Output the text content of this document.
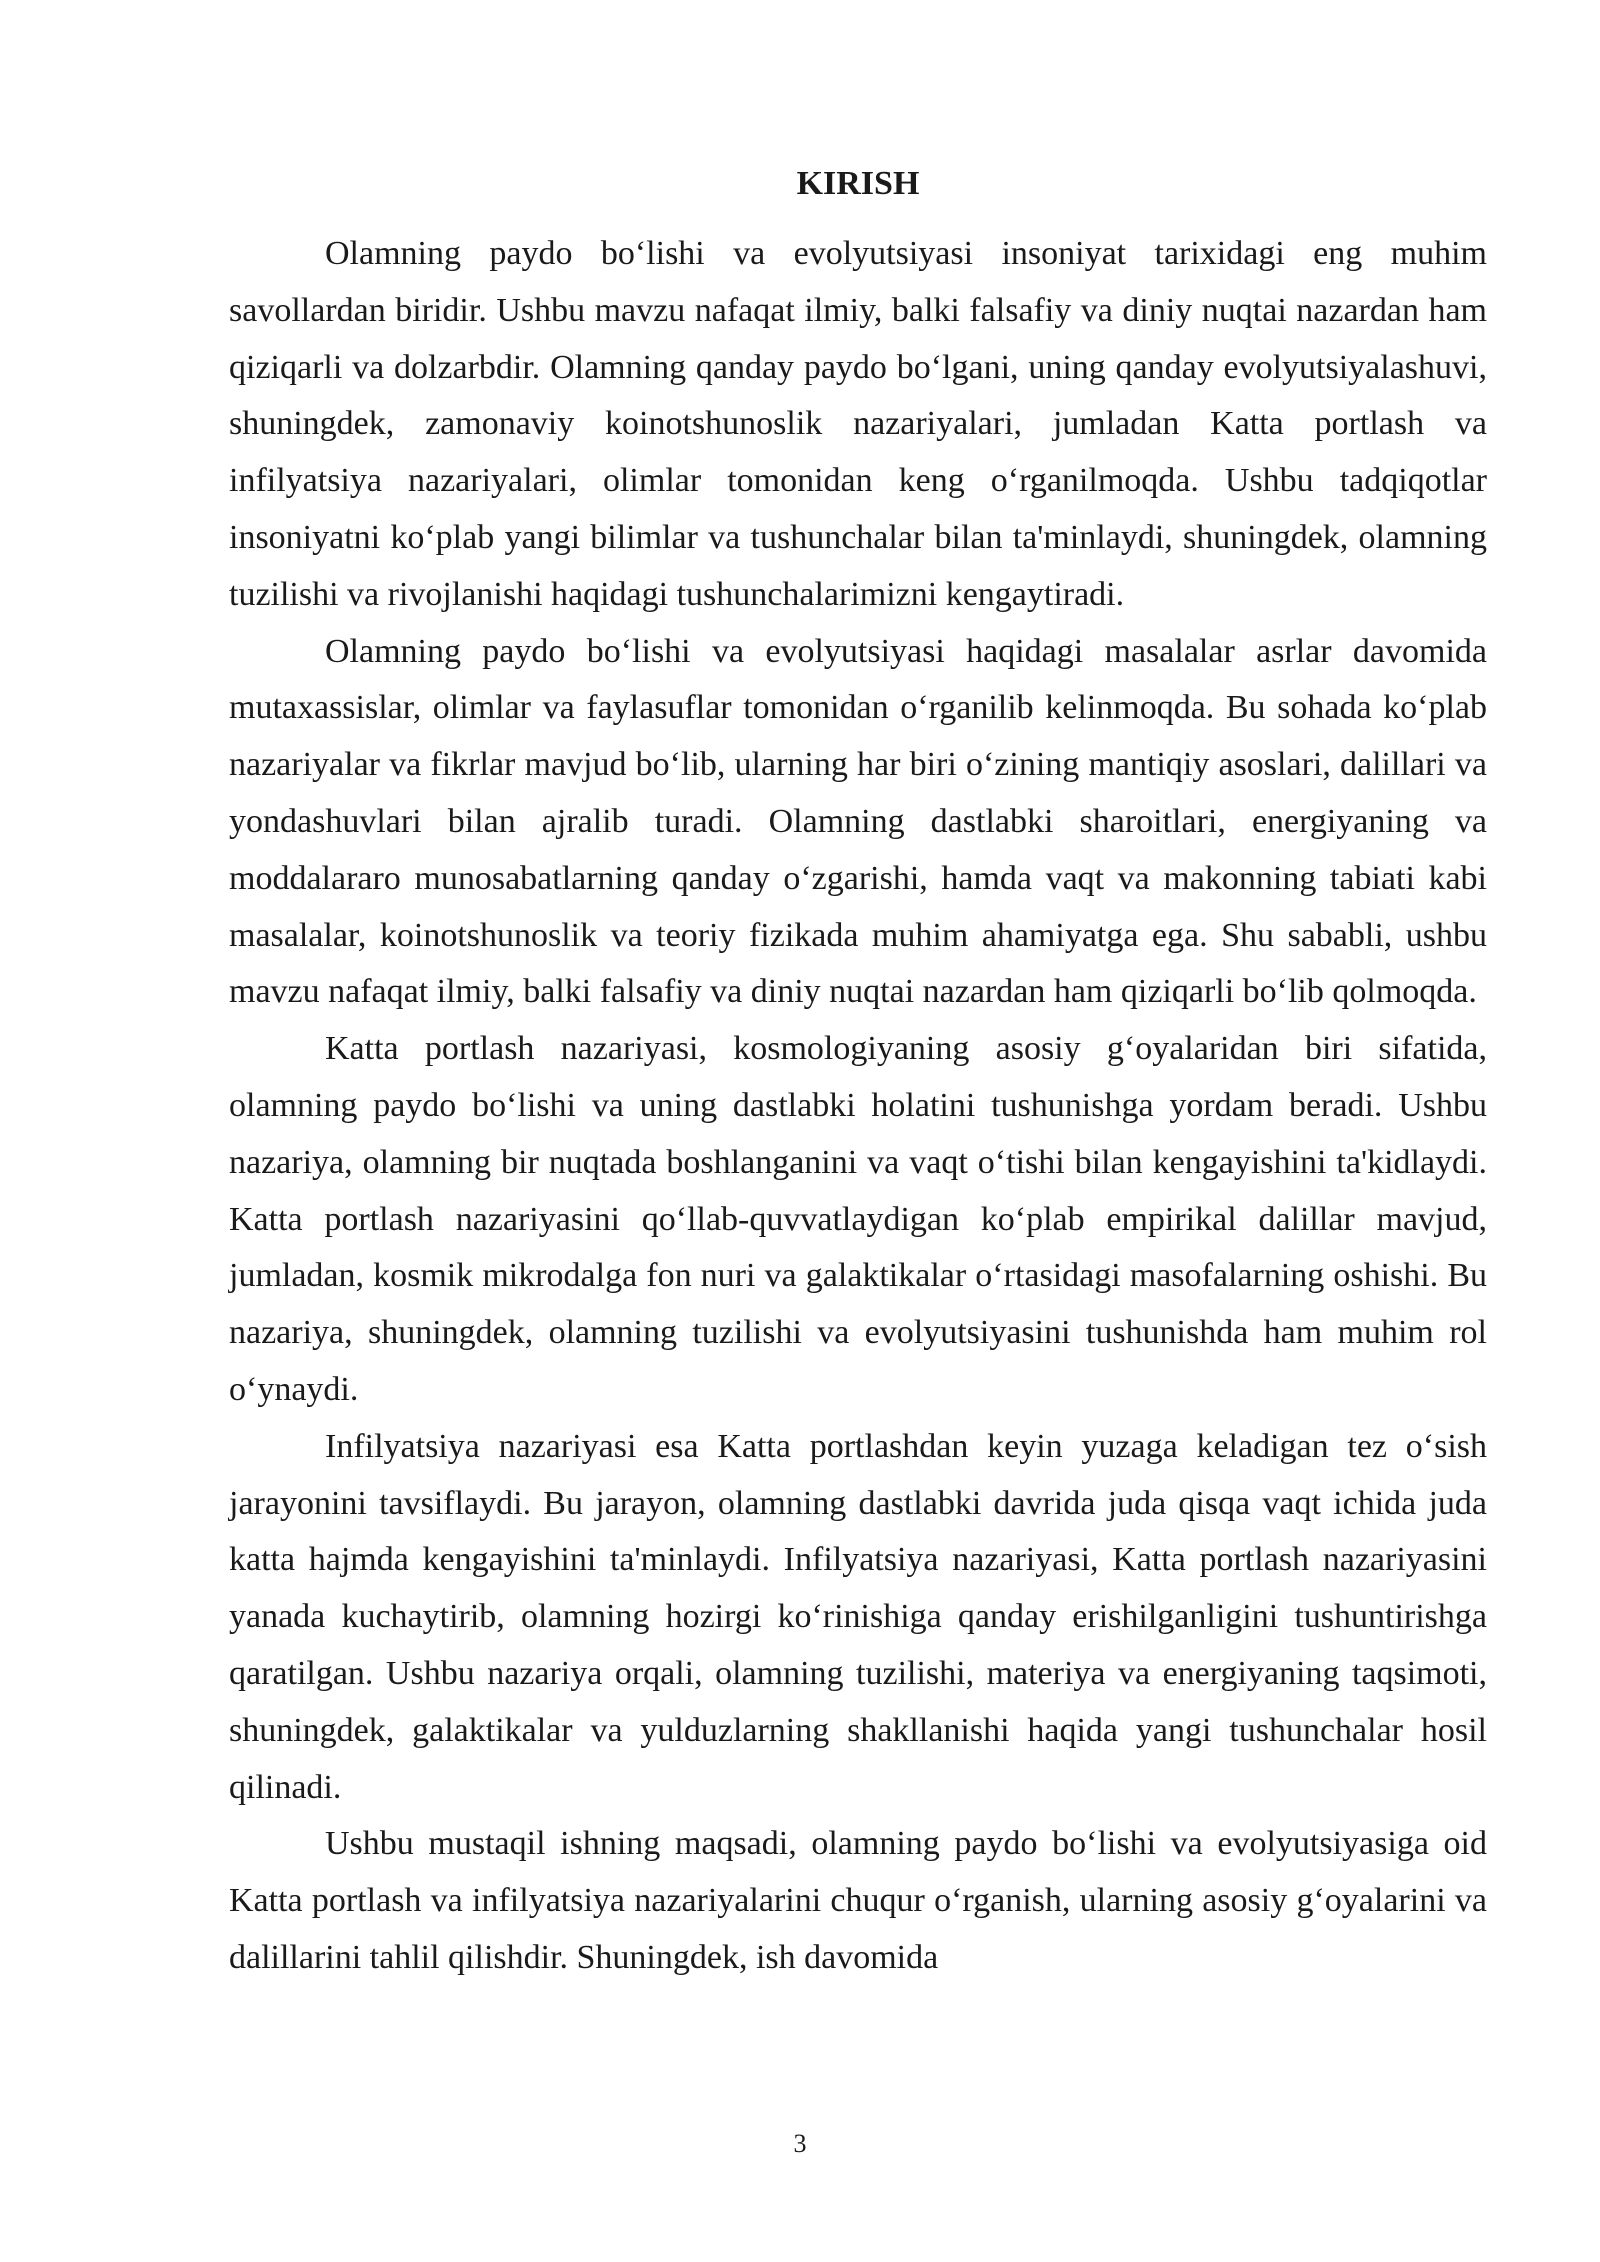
KIRISH

Olamning paydo bo‘lishi va evolyutsiyasi insoniyat tarixidagi eng muhim savollardan biridir. Ushbu mavzu nafaqat ilmiy, balki falsafiy va diniy nuqtai nazardan ham qiziqarli va dolzarbdir. Olamning qanday paydo bo‘lgani, uning qanday evolyutsiyalashuvi, shuningdek, zamonaviy koinotshunoslik nazariyalari, jumladan Katta portlash va infilyatsiya nazariyalari, olimlar tomonidan keng o‘rganilmoqda. Ushbu tadqiqotlar insoniyatni ko‘plab yangi bilimlar va tushunchalar bilan ta'minlaydi, shuningdek, olamning tuzilishi va rivojlanishi haqidagi tushunchalarimizni kengaytiradi.

Olamning paydo bo‘lishi va evolyutsiyasi haqidagi masalalar asrlar davomida mutaxassislar, olimlar va faylasuflar tomonidan o‘rganilib kelinmoqda. Bu sohada ko‘plab nazariyalar va fikrlar mavjud bo‘lib, ularning har biri o‘zining mantiqiy asoslari, dalillari va yondashuvlari bilan ajralib turadi. Olamning dastlabki sharoitlari, energiyaning va moddalararo munosabatlarning qanday o‘zgarishi, hamda vaqt va makonning tabiati kabi masalalar, koinotshunoslik va teoriy fizikada muhim ahamiyatga ega. Shu sababli, ushbu mavzu nafaqat ilmiy, balki falsafiy va diniy nuqtai nazardan ham qiziqarli bo‘lib qolmoqda.

Katta portlash nazariyasi, kosmologiyaning asosiy g‘oyalaridan biri sifatida, olamning paydo bo‘lishi va uning dastlabki holatini tushunishga yordam beradi. Ushbu nazariya, olamning bir nuqtada boshlanganini va vaqt o‘tishi bilan kengayishini ta'kidlaydi. Katta portlash nazariyasini qo‘llab-quvvatlaydigan ko‘plab empirikal dalillar mavjud, jumladan, kosmik mikrodalga fon nuri va galaktikalar o‘rtasidagi masofalarning oshishi. Bu nazariya, shuningdek, olamning tuzilishi va evolyutsiyasini tushunishda ham muhim rol o‘ynaydi.

Infilyatsiya nazariyasi esa Katta portlashdan keyin yuzaga keladigan tez o‘sish jarayonini tavsiflaydi. Bu jarayon, olamning dastlabki davrida juda qisqa vaqt ichida juda katta hajmda kengayishini ta'minlaydi. Infilyatsiya nazariyasi, Katta portlash nazariyasini yanada kuchaytirib, olamning hozirgi ko‘rinishiga qanday erishilganligini tushuntirishga qaratilgan. Ushbu nazariya orqali, olamning tuzilishi, materiya va energiyaning taqsimoti, shuningdek, galaktikalar va yulduzlarning shakllanishi haqida yangi tushunchalar hosil qilinadi.

Ushbu mustaqil ishning maqsadi, olamning paydo bo‘lishi va evolyutsiyasiga oid Katta portlash va infilyatsiya nazariyalarini chuqur o‘rganish, ularning asosiy g‘oyalarini va dalillarini tahlil qilishdir. Shuningdek, ish davomida

3
